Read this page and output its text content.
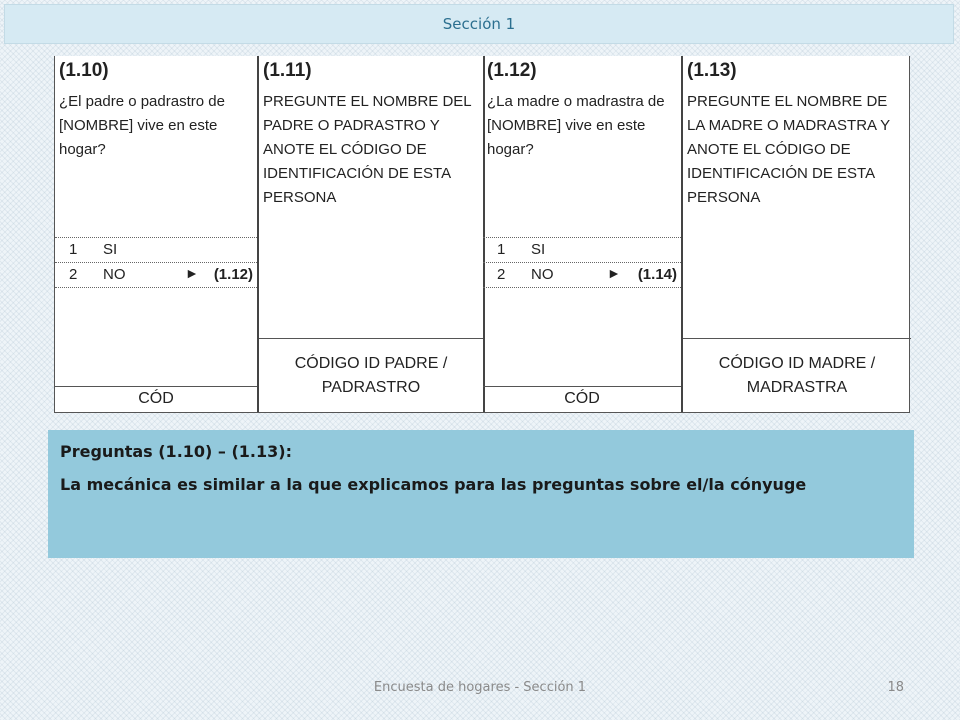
Sección 1
(1.10)
¿El padre o padrastro de
[NOMBRE] vive en este
hogar?
1 SI
2 NO	► (1.12)
CÓD
(1.11)
PREGUNTE EL NOMBRE DEL
PADRE O PADRASTRO Y
ANOTE EL CÓDIGO DE
IDENTIFICACIÓN DE ESTA
PERSONA
CÓDIGO ID PADRE /
PADRASTRO
(1.12)
¿La madre o madrastra de
[NOMBRE] vive en este
hogar?
1 SI
2 NO	► (1.14)
CÓD
(1.13)
PREGUNTE EL NOMBRE DE
LA MADRE O MADRASTRA Y
ANOTE EL CÓDIGO DE
IDENTIFICACIÓN DE ESTA
PERSONA
CÓDIGO ID MADRE /
MADRASTRA

Preguntas (1.10) – (1.13):

La mecánica es similar a la que explicamos para las preguntas sobre el/la cónyuge

Encuesta de hogares - Sección 1	18
